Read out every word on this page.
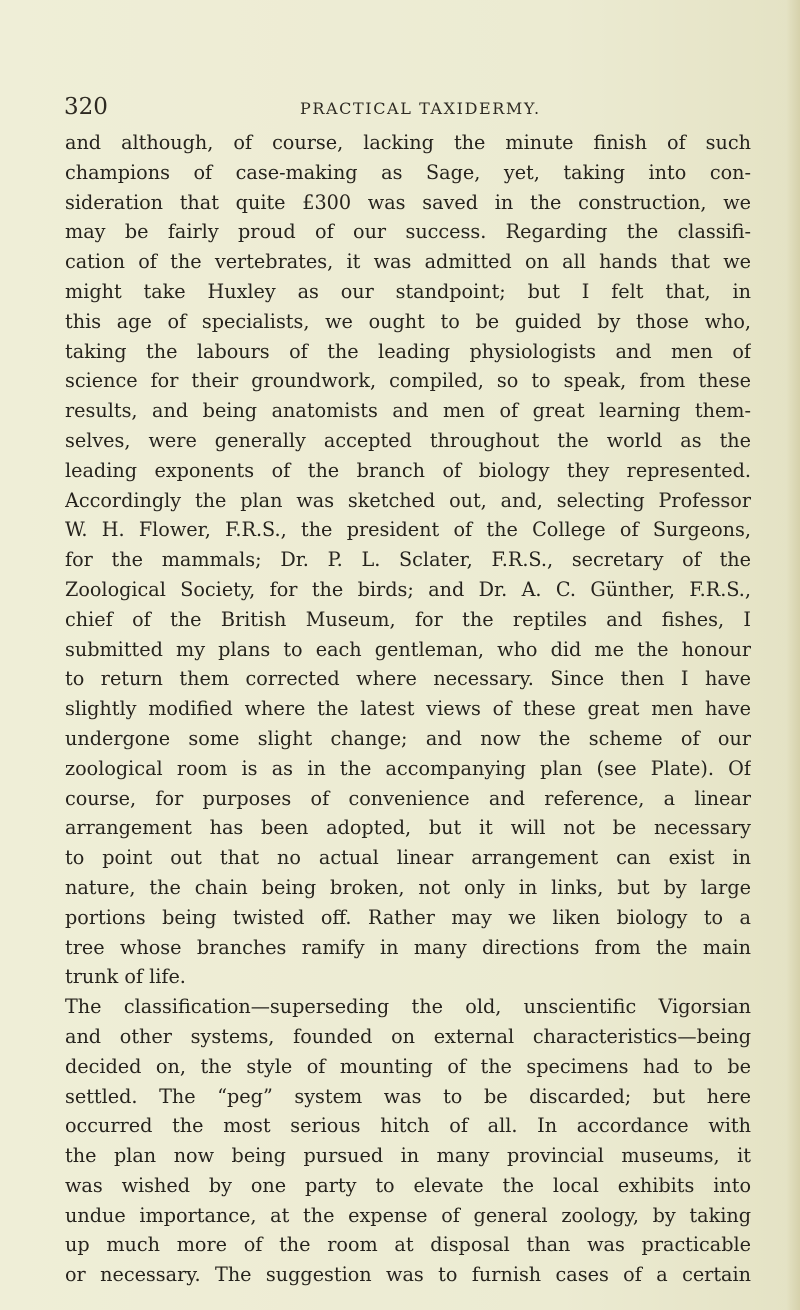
320	PRACTICAL TAXIDERMY.
and although, of course, lacking the minute finish of such
champions of case-making as Sage, yet, taking into con-
sideration that quite £300 was saved in the construction, we
may be fairly proud of our success. Regarding the classifi-
cation of the vertebrates, it was admitted on all hands that we
might take Huxley as our standpoint; but I felt that, in
this age of specialists, we ought to be guided by those who,
taking the labours of the leading physiologists and men of
science for their groundwork, compiled, so to speak, from these
results, and being anatomists and men of great learning them-
selves, were generally accepted throughout the world as the
leading exponents of the branch of biology they represented.
Accordingly the plan was sketched out, and, selecting Professor
W. H. Flower, F.R.S., the president of the College of Surgeons,
for the mammals; Dr. P. L. Sclater, F.R.S., secretary of the
Zoological Society, for the birds; and Dr. A. C. Günther, F.R.S.,
chief of the British Museum, for the reptiles and fishes, I
submitted my plans to each gentleman, who did me the honour
to return them corrected where necessary. Since then I have
slightly modified where the latest views of these great men have
undergone some slight change; and now the scheme of our
zoological room is as in the accompanying plan (see Plate). Of
course, for purposes of convenience and reference, a linear
arrangement has been adopted, but it will not be necessary
to point out that no actual linear arrangement can exist in
nature, the chain being broken, not only in links, but by large
portions being twisted off. Rather may we liken biology to a
tree whose branches ramify in many directions from the main
trunk of life.
The classification—superseding the old, unscientific Vigorsian
and other systems, founded on external characteristics—being
decided on, the style of mounting of the specimens had to be
settled. The “peg” system was to be discarded; but here
occurred the most serious hitch of all. In accordance with
the plan now being pursued in many provincial museums, it
was wished by one party to elevate the local exhibits into
undue importance, at the expense of general zoology, by taking
up much more of the room at disposal than was practicable
or necessary. The suggestion was to furnish cases of a certain
